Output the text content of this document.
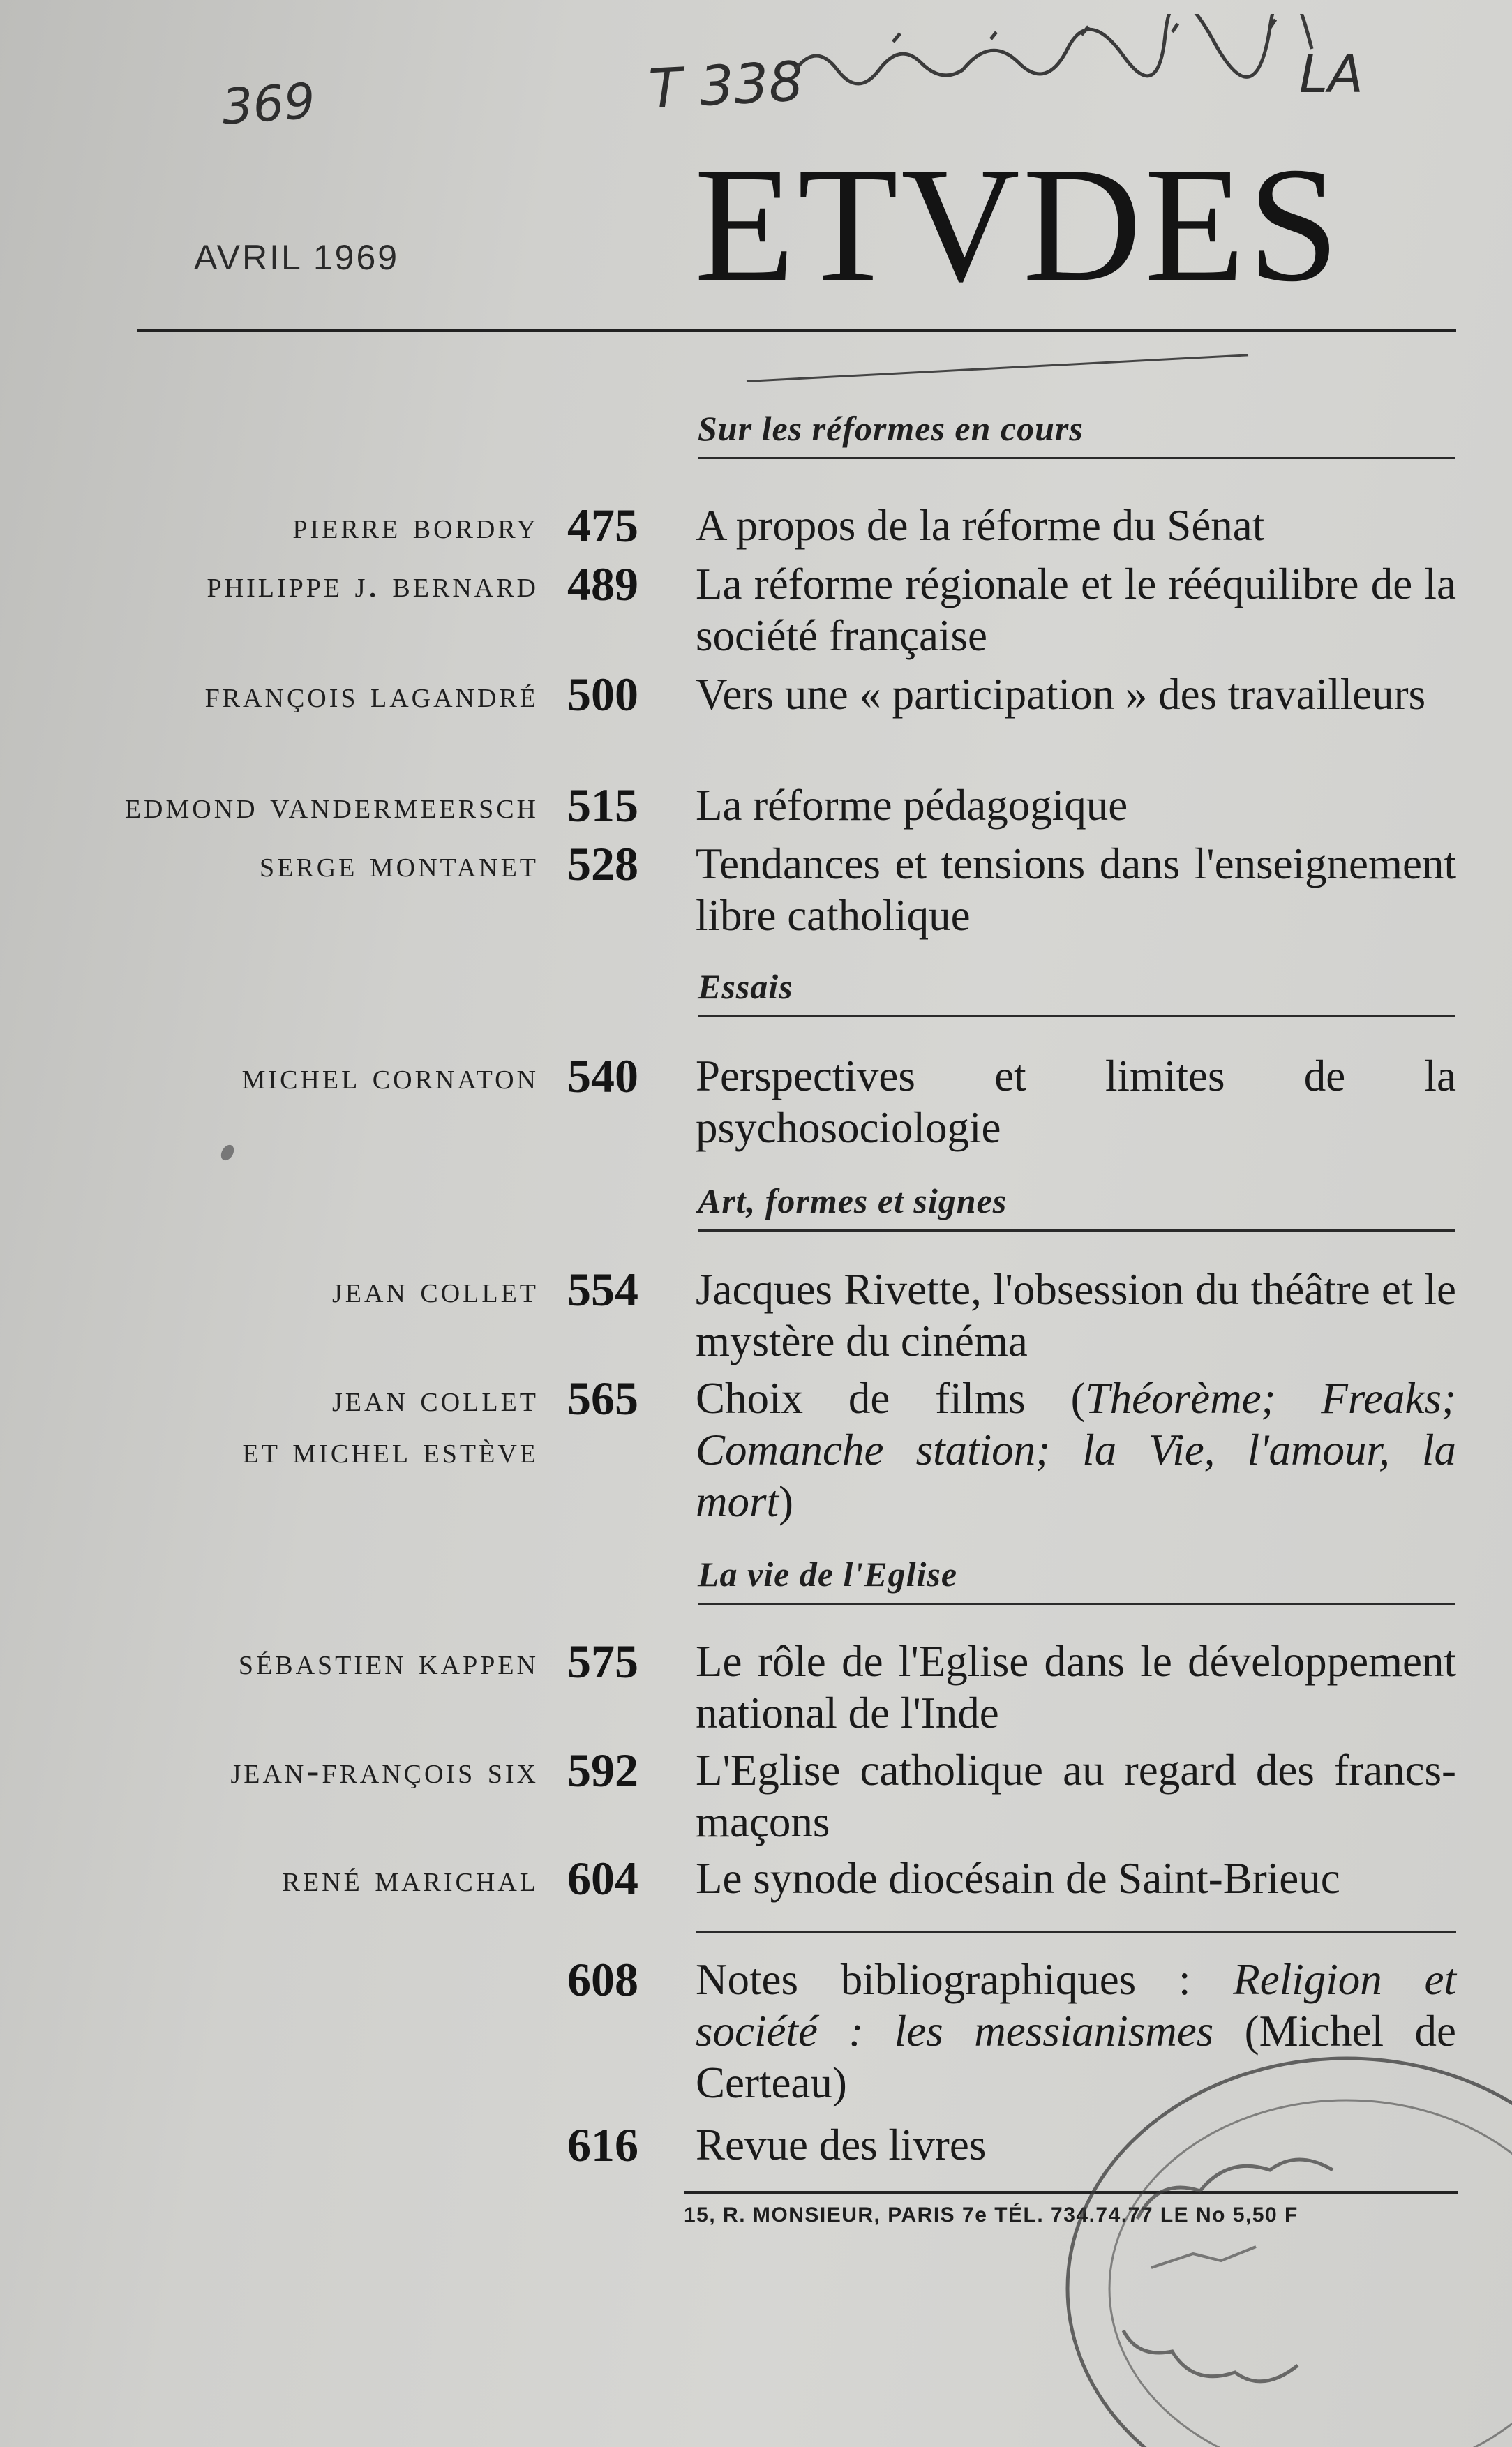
369	T 338	LA
AVRIL 1969 ETVDES
Sur les réformes en cours
pierre bordry 475 A propos de la réforme du Sénat
philippe j. bernard 489 La réforme régionale et le rééquilibre de la société française
françois lagandré 500 Vers une « participation » des travailleurs
edmond vandermeersch 515 La réforme pédagogique
serge montanet 528 Tendances et tensions dans l'enseignement libre catholique
Essais
michel cornaton 540 Perspectives et limites de la psychosociologie
Art, formes et signes
jean collet 554 Jacques Rivette, l'obsession du théâtre et le mystère du cinéma
jean collet
et michel estève
565 Choix de films (Théorème; Freaks; Comanche station; la Vie, l'amour, la mort)
La vie de l'Eglise
sébastien kappen 575 Le rôle de l'Eglise dans le développement national de l'Inde
jean-françois six 592 L'Eglise catholique au regard des francs-maçons
rené marichal 604 Le synode diocésain de Saint-Brieuc
608 Notes bibliographiques : Religion et société : les messianismes (Michel de Certeau)
616 Revue des livres
15, R. MONSIEUR, PARIS 7e TÉL. 734.74.77 LE No 5,50 F
